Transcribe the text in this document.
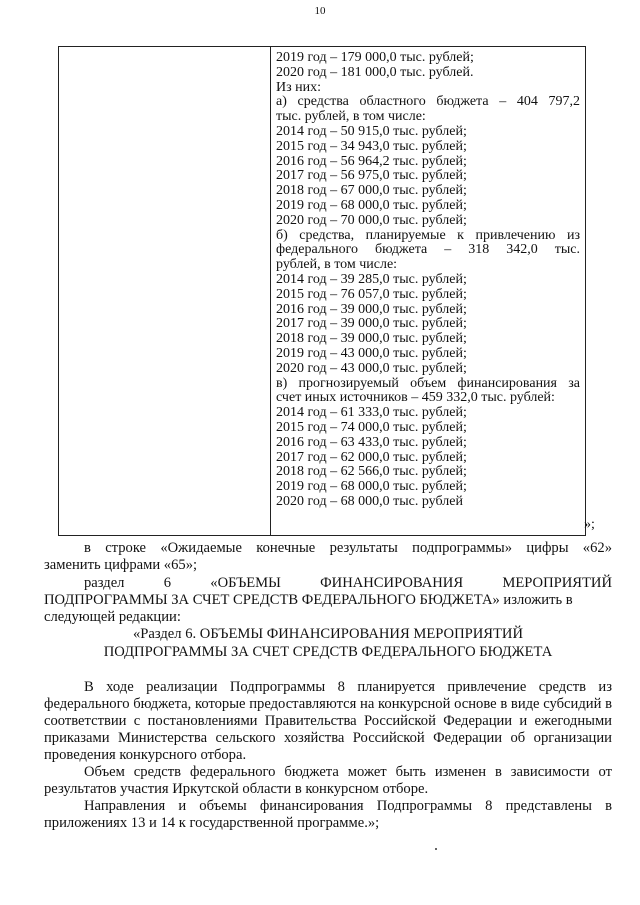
10
2019 год – 179 000,0 тыс. рублей;
2020 год – 181 000,0 тыс. рублей.
Из них:
а) средства областного бюджета – 404 797,2
тыс. рублей, в том числе:
2014 год – 50 915,0 тыс. рублей;
2015 год – 34 943,0 тыс. рублей;
2016 год – 56 964,2 тыс. рублей;
2017 год – 56 975,0 тыс. рублей;
2018 год – 67 000,0 тыс. рублей;
2019 год – 68 000,0 тыс. рублей;
2020 год – 70 000,0 тыс. рублей;
б) средства, планируемые к привлечению из
федерального бюджета – 318 342,0 тыс.
рублей, в том числе:
2014 год – 39 285,0 тыс. рублей;
2015 год – 76 057,0 тыс. рублей;
2016 год – 39 000,0 тыс. рублей;
2017 год – 39 000,0 тыс. рублей;
2018 год – 39 000,0 тыс. рублей;
2019 год – 43 000,0 тыс. рублей;
2020 год – 43 000,0 тыс. рублей;
в) прогнозируемый объем финансирования за
счет иных источников – 459 332,0 тыс. рублей:
2014 год – 61 333,0 тыс. рублей;
2015 год – 74 000,0 тыс. рублей;
2016 год – 63 433,0 тыс. рублей;
2017 год – 62 000,0 тыс. рублей;
2018 год – 62 566,0 тыс. рублей;
2019 год – 68 000,0 тыс. рублей;
2020 год – 68 000,0 тыс. рублей
»;

в строке «Ожидаемые конечные результаты подпрограммы» цифры «62»

заменить цифрами «65»;

раздел 6 «ОБЪЕМЫ ФИНАНСИРОВАНИЯ МЕРОПРИЯТИЙ

ПОДПРОГРАММЫ ЗА СЧЕТ СРЕДСТВ ФЕДЕРАЛЬНОГО БЮДЖЕТА» изложить в

следующей редакции:

«Раздел 6. ОБЪЕМЫ ФИНАНСИРОВАНИЯ МЕРОПРИЯТИЙ
ПОДПРОГРАММЫ ЗА СЧЕТ СРЕДСТВ ФЕДЕРАЛЬНОГО БЮДЖЕТА

В ходе реализации Подпрограммы 8 планируется привлечение средств из федерального бюджета, которые предоставляются на конкурсной основе в виде субсидий в соответствии с постановлениями Правительства Российской Федерации и ежегодными приказами Министерства сельского хозяйства Российской Федерации об организации проведения конкурсного отбора.

Объем средств федерального бюджета может быть изменен в зависимости от результатов участия Иркутской области в конкурсном отборе.

Направления и объемы финансирования Подпрограммы 8 представлены в приложениях 13 и 14 к государственной программе.»;
